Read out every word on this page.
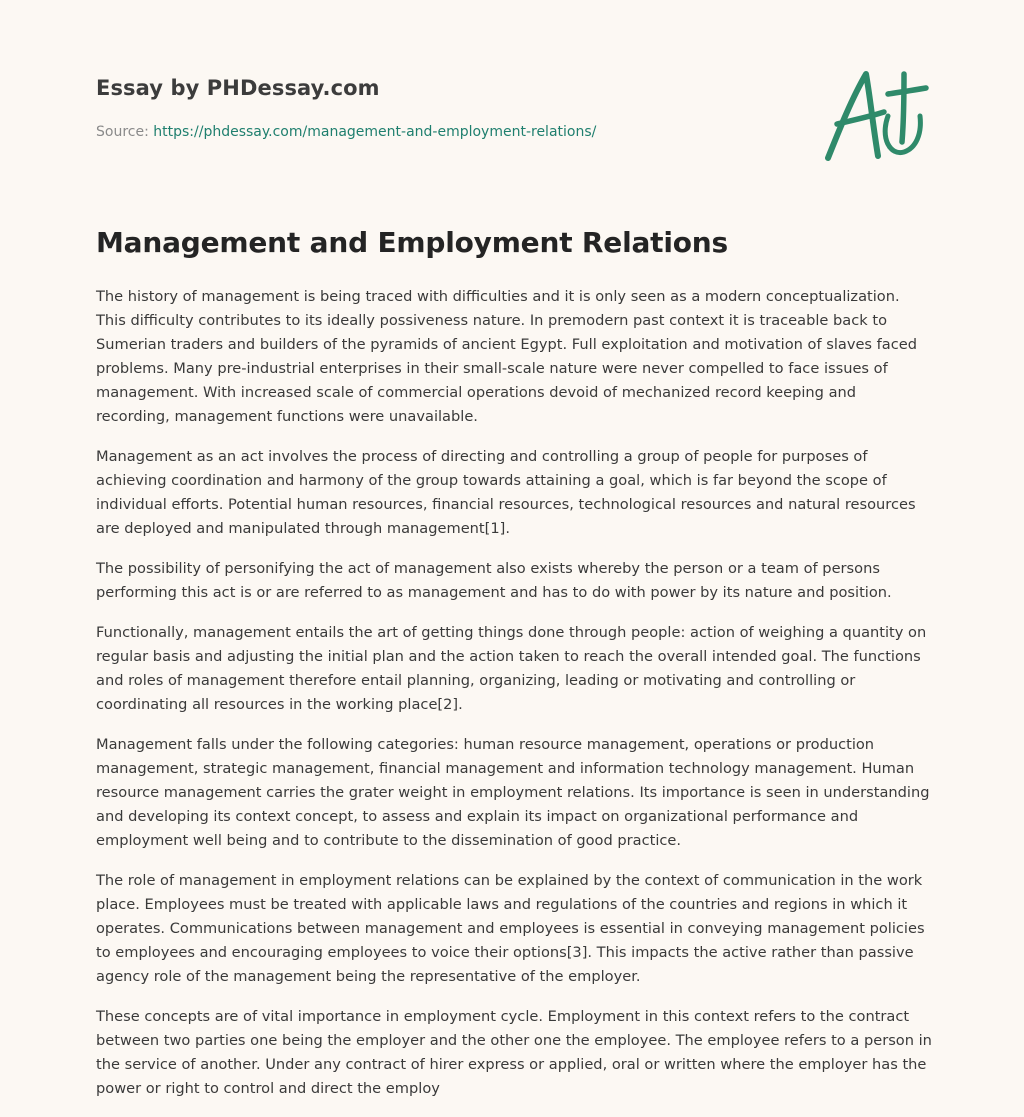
Essay by PHDessay.com
Source: https://phdessay.com/management-and-employment-relations/
Management and Employment Relations

The history of management is being traced with difficulties and it is only seen as a modern conceptualization. This difficulty contributes to its ideally possiveness nature. In premodern past context it is traceable back to Sumerian traders and builders of the pyramids of ancient Egypt. Full exploitation and motivation of slaves faced problems. Many pre-industrial enterprises in their small-scale nature were never compelled to face issues of management. With increased scale of commercial operations devoid of mechanized record keeping and recording, management functions were unavailable.

Management as an act involves the process of directing and controlling a group of people for purposes of achieving coordination and harmony of the group towards attaining a goal, which is far beyond the scope of individual efforts. Potential human resources, financial resources, technological resources and natural resources are deployed and manipulated through management[1].

The possibility of personifying the act of management also exists whereby the person or a team of persons performing this act is or are referred to as management and has to do with power by its nature and position.

Functionally, management entails the art of getting things done through people: action of weighing a quantity on regular basis and adjusting the initial plan and the action taken to reach the overall intended goal. The functions and roles of management therefore entail planning, organizing, leading or motivating and controlling or coordinating all resources in the working place[2].

Management falls under the following categories: human resource management, operations or production management, strategic management, financial management and information technology management. Human resource management carries the grater weight in employment relations. Its importance is seen in understanding and developing its context concept, to assess and explain its impact on organizational performance and employment well being and to contribute to the dissemination of good practice.

The role of management in employment relations can be explained by the context of communication in the work place. Employees must be treated with applicable laws and regulations of the countries and regions in which it operates. Communications between management and employees is essential in conveying management policies to employees and encouraging employees to voice their options[3]. This impacts the active rather than passive agency role of the management being the representative of the employer.

These concepts are of vital importance in employment cycle. Employment in this context refers to the contract between two parties one being the employer and the other one the employee. The employee refers to a person in the service of another. Under any contract of hirer express or applied, oral or written where the employer has the power or right to control and direct the employ
